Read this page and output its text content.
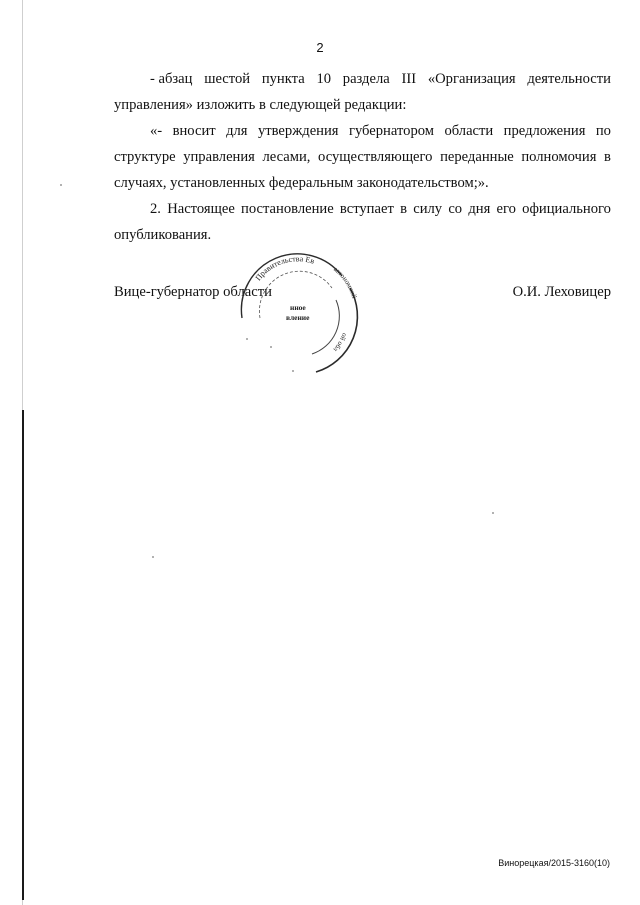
2
- абзац шестой пункта 10 раздела III «Организация деятельности
управления» изложить в следующей редакции:
«- вносит для утверждения губернатором области предложения по
структуре управления лесами, осуществляющего переданные полномочия в
случаях, установленных федеральным законодательством;».
2. Настоящее постановление вступает в силу со дня его официального
опубликования.
Вице-губернатор области	О.И. Леховицер
Правительства Ев
автономной
ой обл
нное
вление
Винорецкая/2015-3160(10)
